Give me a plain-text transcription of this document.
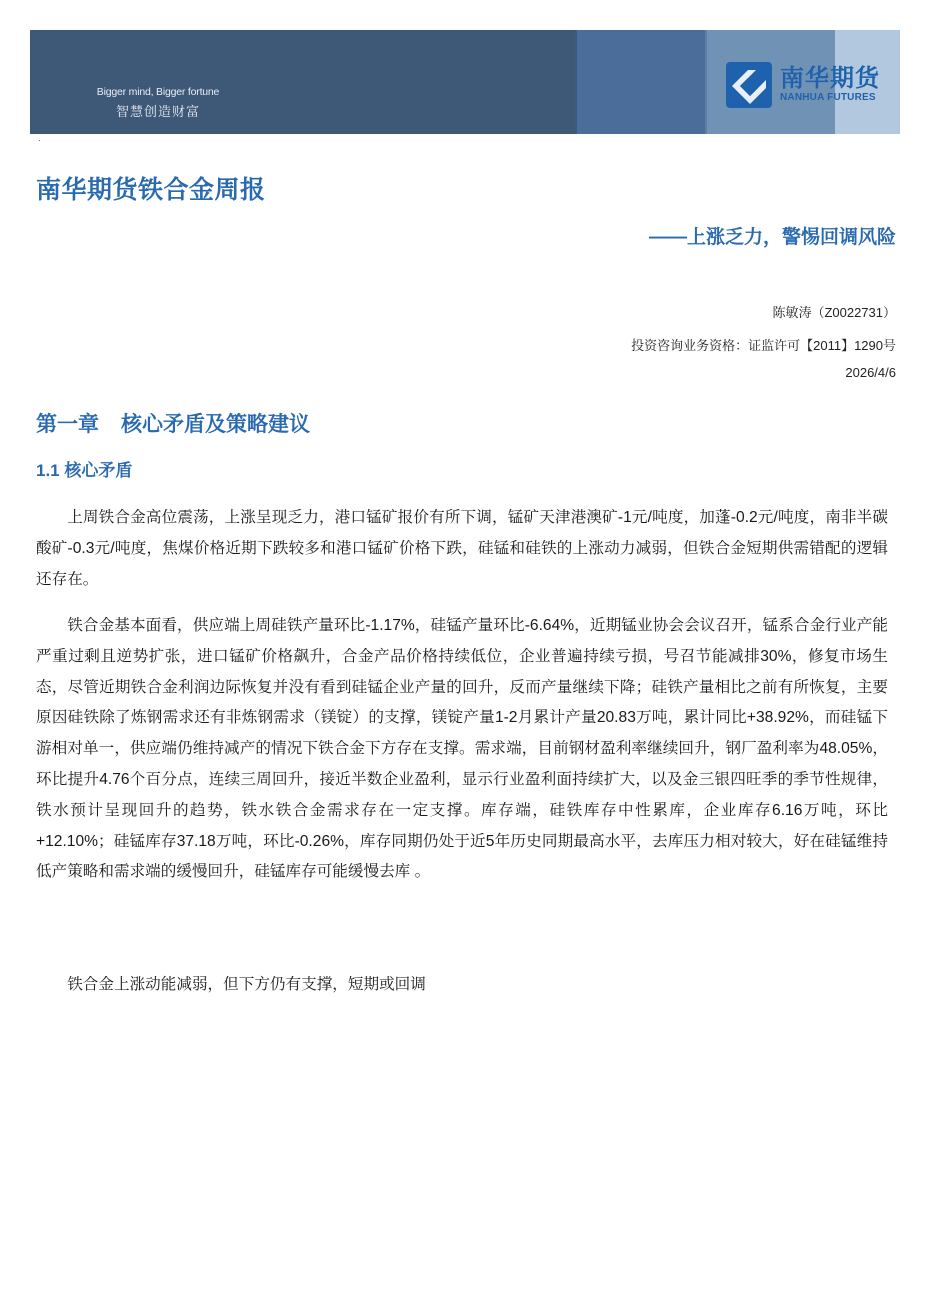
Bigger mind, Bigger fortune
智慧创造财富
南华期货
NANHUA FUTURES
·
南华期货铁合金周报
——上涨乏力，警惕回调风险
陈敏涛（Z0022731）
投资咨询业务资格：证监许可【2011】1290号
2026/4/6
第一章 核心矛盾及策略建议
1.1 核心矛盾

上周铁合金高位震荡，上涨呈现乏力，港口锰矿报价有所下调，锰矿天津港澳矿-1元/吨度，加蓬-0.2元/吨度，南非半碳酸矿-0.3元/吨度，焦煤价格近期下跌较多和港口锰矿价格下跌，硅锰和硅铁的上涨动力减弱，但铁合金短期供需错配的逻辑还存在。

铁合金基本面看，供应端上周硅铁产量环比-1.17%，硅锰产量环比-6.64%，近期锰业协会会议召开，锰系合金行业产能严重过剩且逆势扩张，进口锰矿价格飙升，合金产品价格持续低位，企业普遍持续亏损，号召节能减排30%，修复市场生态，尽管近期铁合金利润边际恢复并没有看到硅锰企业产量的回升，反而产量继续下降；硅铁产量相比之前有所恢复，主要原因硅铁除了炼钢需求还有非炼钢需求（镁锭）的支撑，镁锭产量1-2月累计产量20.83万吨，累计同比+38.92%，而硅锰下游相对单一，供应端仍维持减产的情况下铁合金下方存在支撑。需求端，目前钢材盈利率继续回升，钢厂盈利率为48.05%，环比提升4.76个百分点，连续三周回升，接近半数企业盈利，显示行业盈利面持续扩大，以及金三银四旺季的季节性规律，铁水预计呈现回升的趋势，铁水铁合金需求存在一定支撑。库存端，硅铁库存中性累库，企业库存6.16万吨，环比+12.10%；硅锰库存37.18万吨，环比-0.26%，库存同期仍处于近5年历史同期最高水平，去库压力相对较大，好在硅锰维持低产策略和需求端的缓慢回升，硅锰库存可能缓慢去库 。

铁合金上涨动能减弱，但下方仍有支撑，短期或回调
